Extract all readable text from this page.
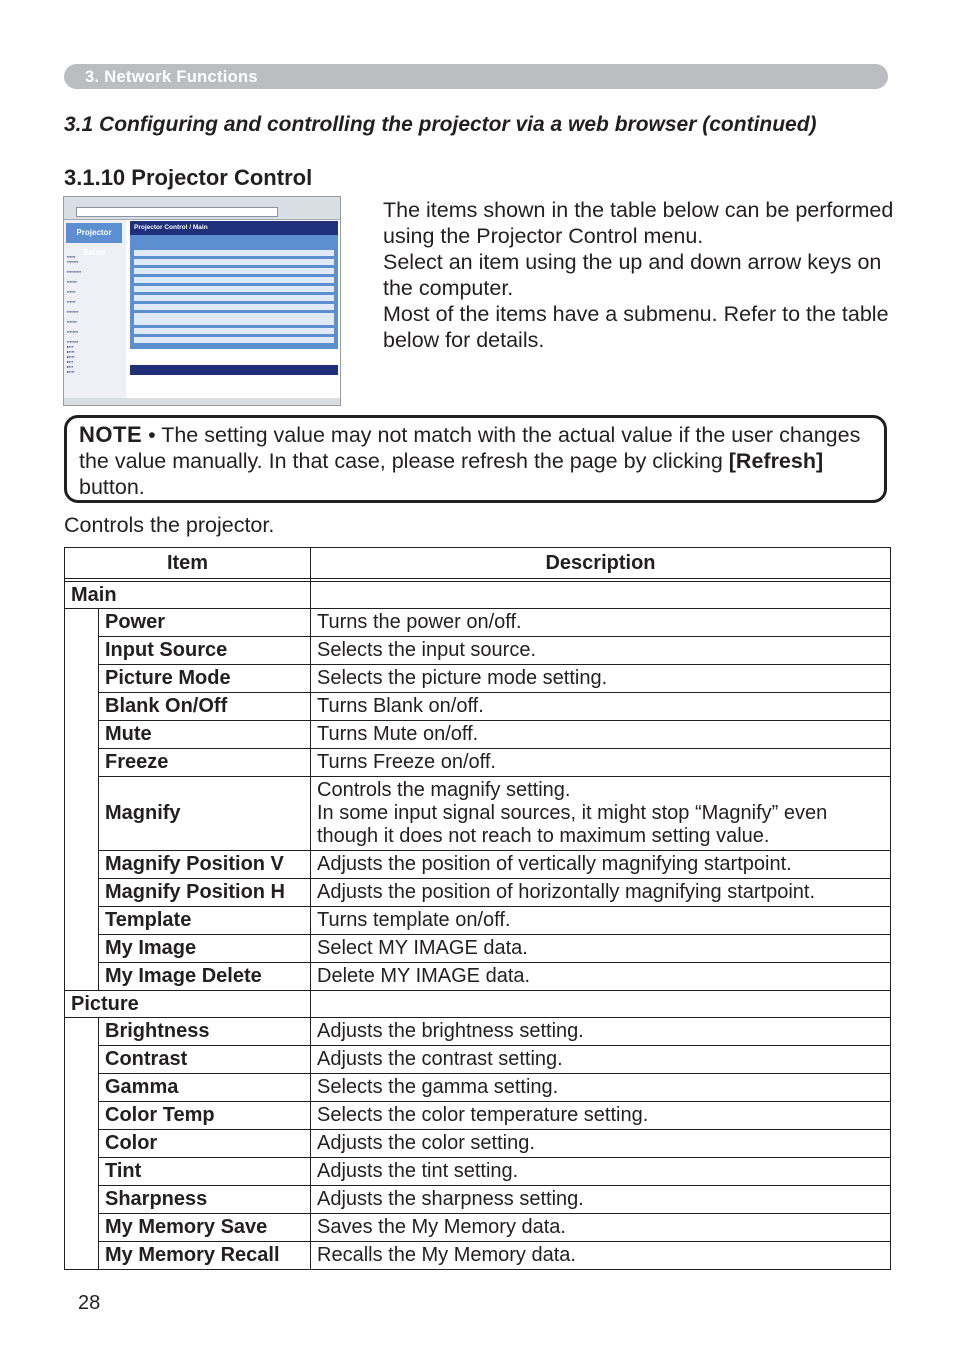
3. Network Functions
3.1 Configuring and controlling the projector via a web browser (continued)
3.1.10 Projector Control
Projector Setup
▪▪▪▪▪▪
▪▪▪▪▪▪▪▪

▪▪▪▪▪▪▪▪▪▪

▪▪▪▪▪▪▪

▪▪▪▪▪▪

▪▪▪▪▪▪

▪▪▪▪▪▪▪▪

▪▪▪▪▪▪▪

▪▪▪▪▪▪▪▪

▪▪▪▪▪▪▪▪
▸▪▪▪
▸▪▪▪▪
▸▪▪▪▪
▸▪▪▪
▸▪▪▪
▸▪▪▪▪
Projector Control / Main

The items shown in the table below can be performed using the Projector Control menu.

Select an item using the up and down arrow keys on the computer.

Most of the items have a submenu. Refer to the table below for details.

NOTE • The setting value may not match with the actual value if the user changes the value manually. In that case, please refresh the page by clicking [Refresh] button.
Controls the projector.
Item		Description

Main		
	Power	Turns the power on/off.
	Input Source	Selects the input source.
	Picture Mode	Selects the picture mode setting.
	Blank On/Off	Turns Blank on/off.
	Mute	Turns Mute on/off.
	Freeze	Turns Freeze on/off.
	Magnify	Controls the magnify setting.
In some input signal sources, it might stop “Magnify” even though it does not reach to maximum setting value.

	Magnify Position V	Adjusts the position of vertically magnifying startpoint.
	Magnify Position H	Adjusts the position of horizontally magnifying startpoint.
	Template	Turns template on/off.
	My Image	Select MY IMAGE data.
	My Image Delete	Delete MY IMAGE data.
Picture		
	Brightness	Adjusts the brightness setting.
	Contrast	Adjusts the contrast setting.
	Gamma	Selects the gamma setting.
	Color Temp	Selects the color temperature setting.
	Color	Adjusts the color setting.
	Tint	Adjusts the tint setting.
	Sharpness	Adjusts the sharpness setting.
	My Memory Save	Saves the My Memory data.
	My Memory Recall	Recalls the My Memory data.
28
